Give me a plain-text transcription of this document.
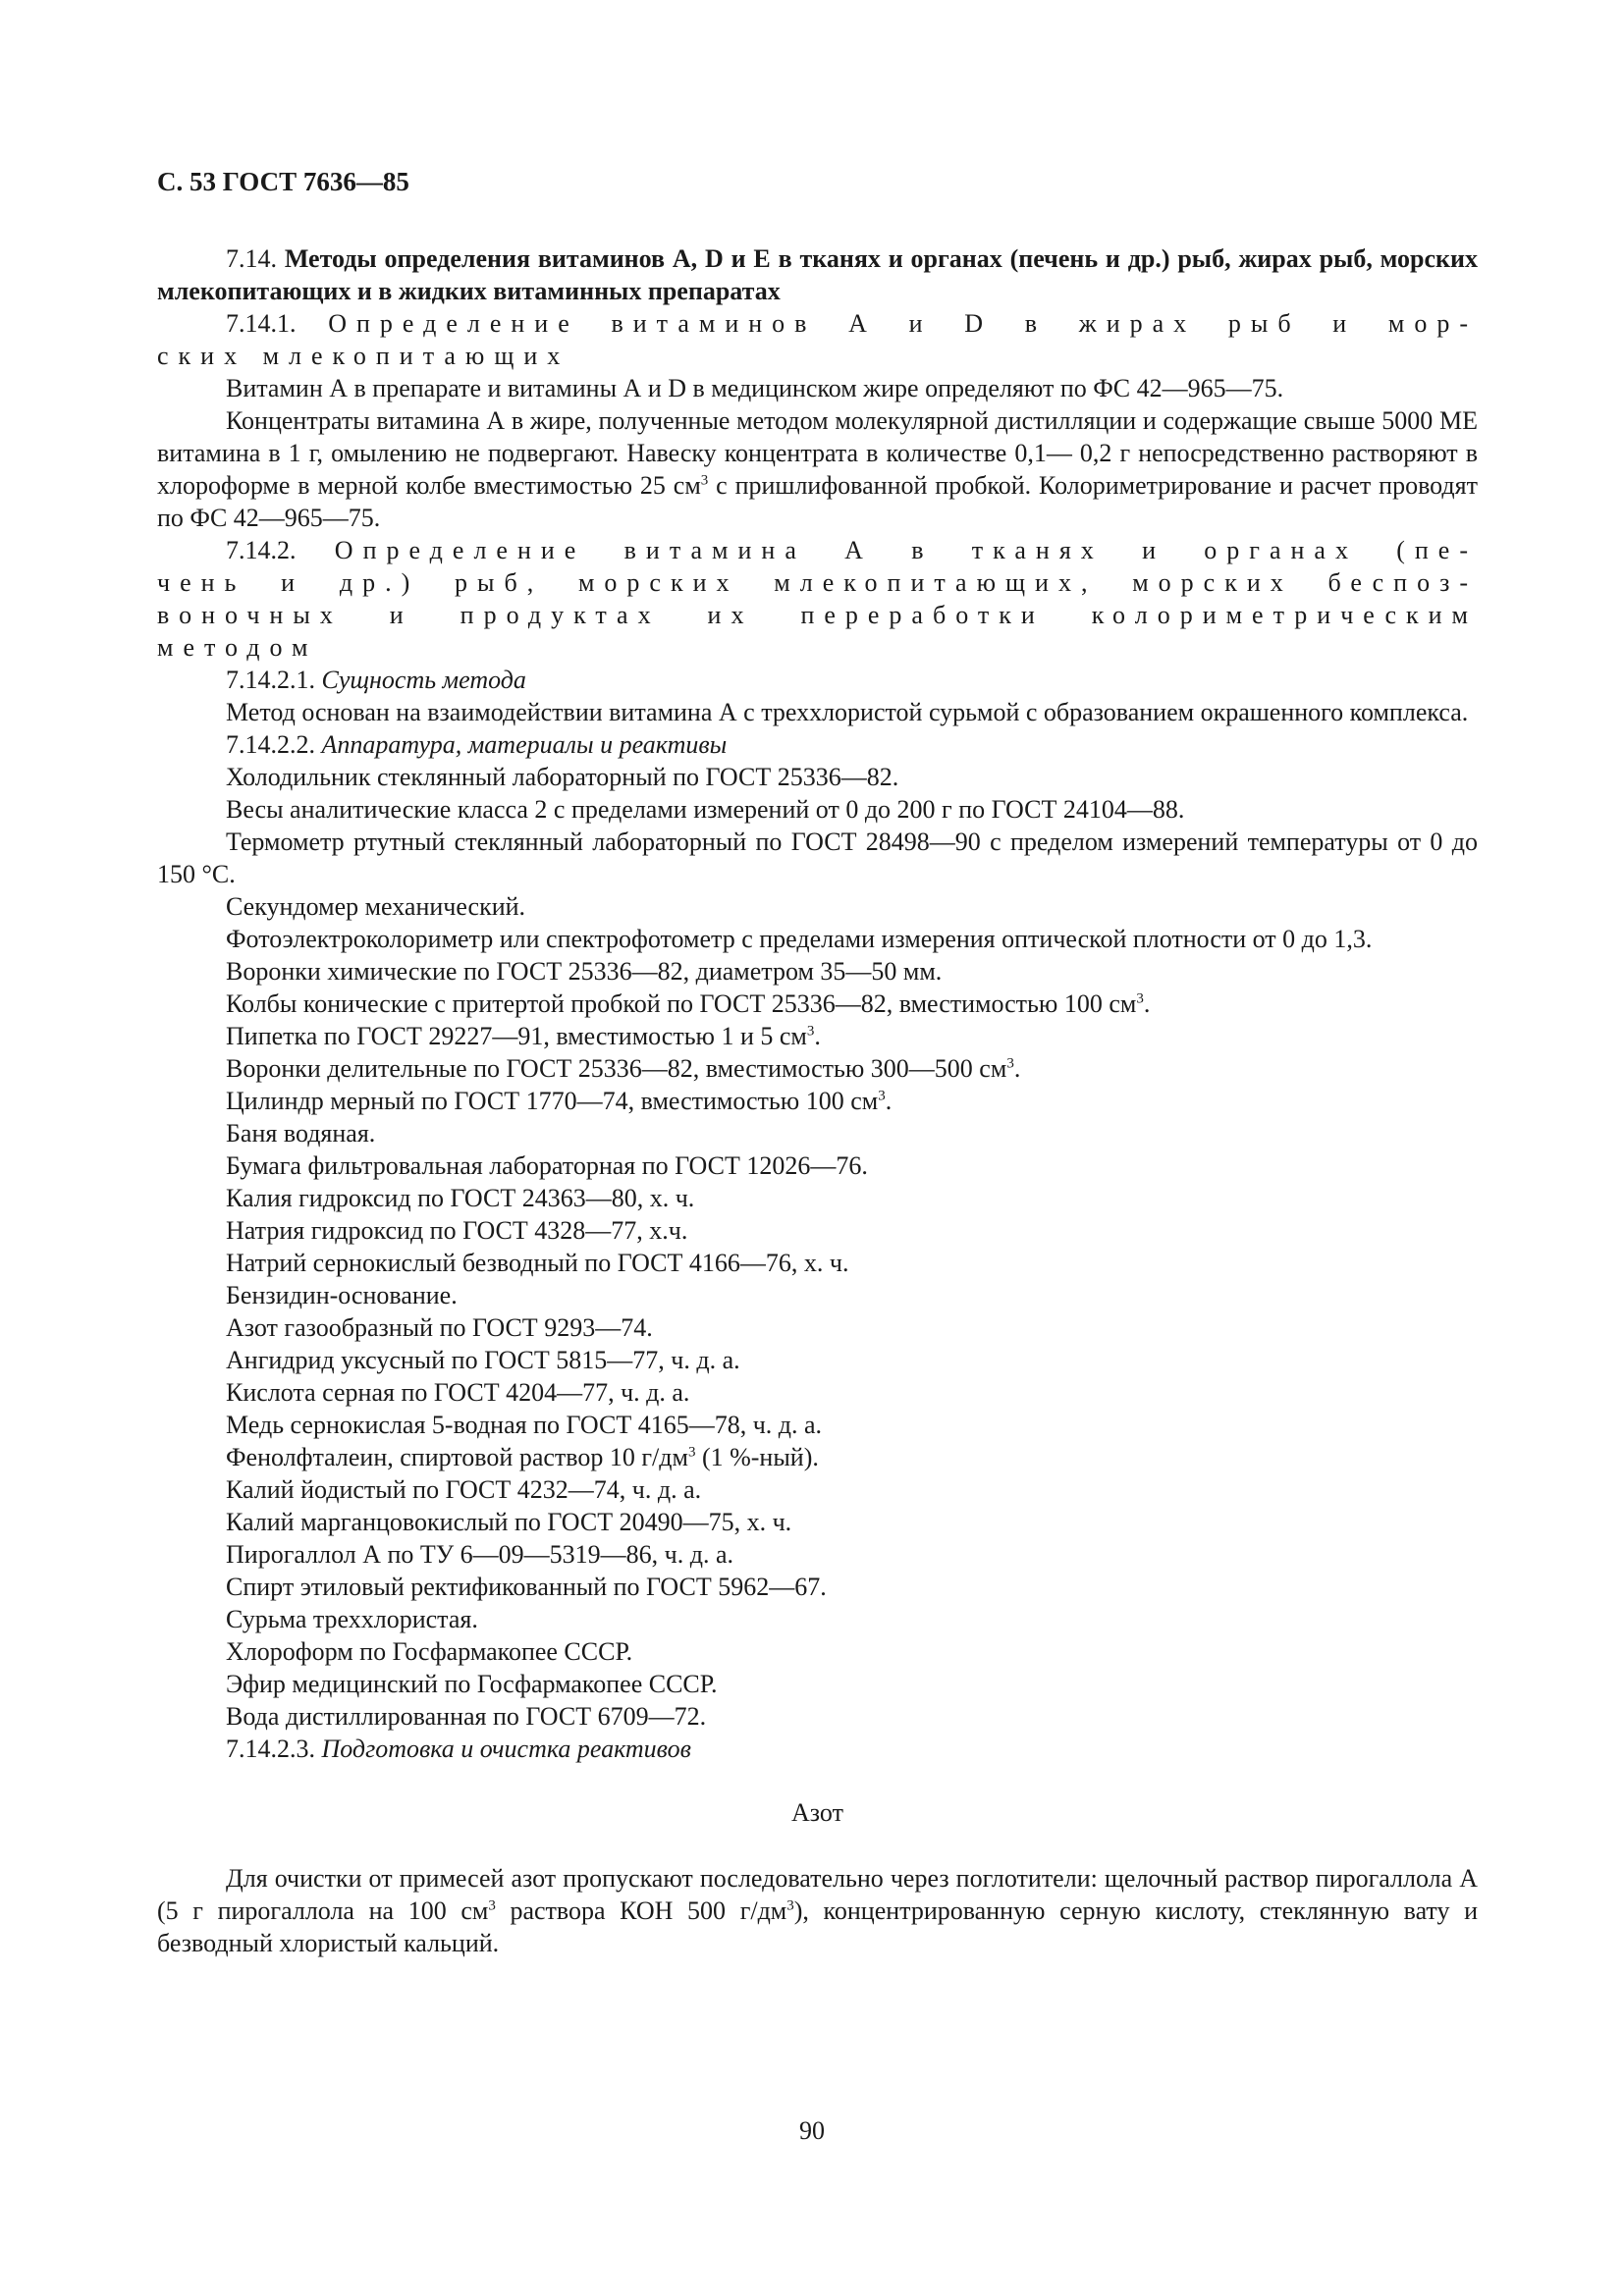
С. 53 ГОСТ 7636—85

7.14. Методы определения витаминов A, D и E в тканях и органах (печень и др.) рыб, жирах рыб, морских млекопитающих и в жидких витаминных препаратах

7.14.1. Определение витаминов А и D в жирах рыб и мор-

ских млекопитающих

Витамин А в препарате и витамины А и D в медицинском жире определяют по ФС 42—965—75.

Концентраты витамина А в жире, полученные методом молекулярной дистилляции и содержащие свыше 5000 МЕ витамина в 1 г, омылению не подвергают. Навеску концентрата в количестве 0,1— 0,2 г непосредственно растворяют в хлороформе в мерной колбе вместимостью 25 $см^3$ с пришлифованной пробкой. Колориметрирование и расчет проводят по ФС 42—965—75.

7.14.2. Определение витамина А в тканях и органах (пе-

чень и др.) рыб, морских млекопитающих, морских беспоз-

воночных и продуктах их переработки колориметрическим

методом

7.14.2.1. Сущность метода

Метод основан на взаимодействии витамина А с треххлористой сурьмой с образованием окрашенного комплекса.

7.14.2.2. Аппаратура, материалы и реактивы

Холодильник стеклянный лабораторный по ГОСТ 25336—82.

Весы аналитические класса 2 с пределами измерений от 0 до 200 г по ГОСТ 24104—88.

Термометр ртутный стеклянный лабораторный по ГОСТ 28498—90 с пределом измерений температуры от 0 до 150 °С.

Секундомер механический.

Фотоэлектроколориметр или спектрофотометр с пределами измерения оптической плотности от 0 до 1,3.

Воронки химические по ГОСТ 25336—82, диаметром 35—50 мм.

Колбы конические с притертой пробкой по ГОСТ 25336—82, вместимостью 100 $см^3$.

Пипетка по ГОСТ 29227—91, вместимостью 1 и 5 $см^3$.

Воронки делительные по ГОСТ 25336—82, вместимостью 300—500 $см^3$.

Цилиндр мерный по ГОСТ 1770—74, вместимостью 100 $см^3$.

Баня водяная.

Бумага фильтровальная лабораторная по ГОСТ 12026—76.

Калия гидроксид по ГОСТ 24363—80, х. ч.

Натрия гидроксид по ГОСТ 4328—77, х.ч.

Натрий сернокислый безводный по ГОСТ 4166—76, х. ч.

Бензидин-основание.

Азот газообразный по ГОСТ 9293—74.

Ангидрид уксусный по ГОСТ 5815—77, ч. д. а.

Кислота серная по ГОСТ 4204—77, ч. д. а.

Медь сернокислая 5-водная по ГОСТ 4165—78, ч. д. а.

Фенолфталеин, спиртовой раствор 10 $г/дм^3$ (1 %-ный).

Калий йодистый по ГОСТ 4232—74, ч. д. а.

Калий марганцовокислый по ГОСТ 20490—75, х. ч.

Пирогаллол А по ТУ 6—09—5319—86, ч. д. а.

Спирт этиловый ректификованный по ГОСТ 5962—67.

Сурьма треххлористая.

Хлороформ по Госфармакопее СССР.

Эфир медицинский по Госфармакопее СССР.

Вода дистиллированная по ГОСТ 6709—72.

7.14.2.3. Подготовка и очистка реактивов

Азот

Для очистки от примесей азот пропускают последовательно через поглотители: щелочный раствор пирогаллола А (5 г пирогаллола на 100 $см^3$ раствора КОН 500 $г/дм^3$), концентрированную серную кислоту, стеклянную вату и безводный хлористый кальций.

90
